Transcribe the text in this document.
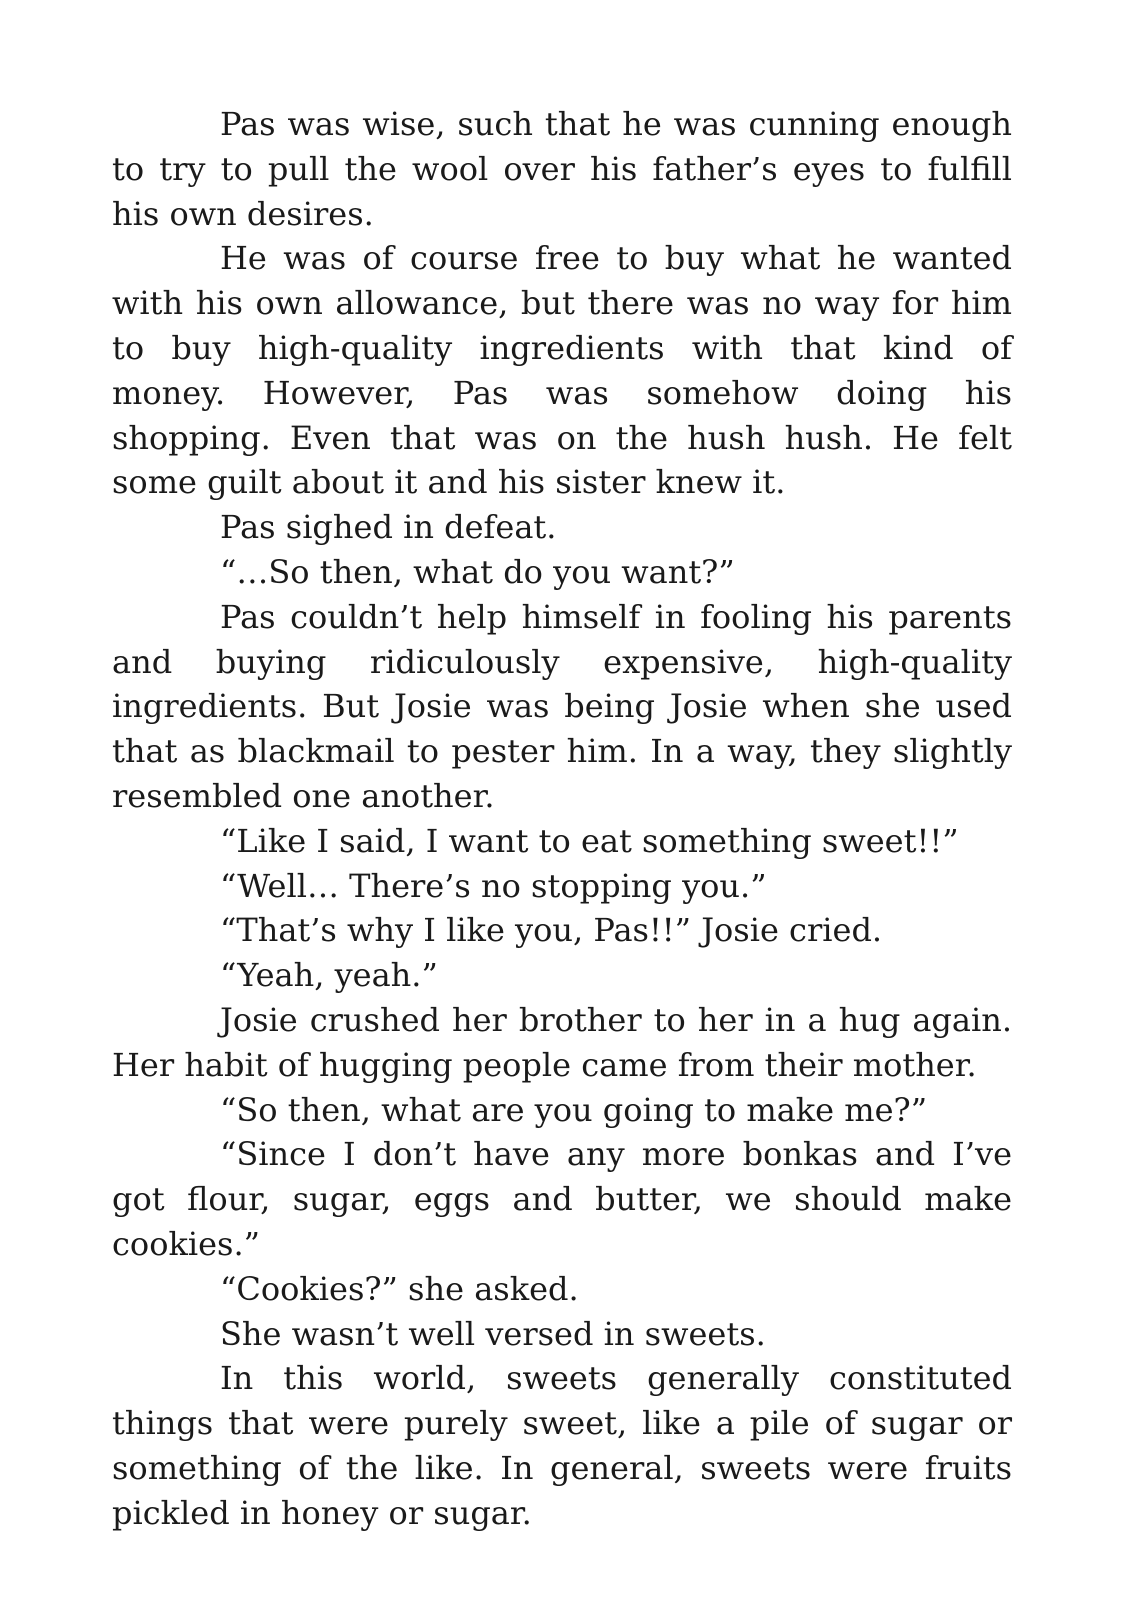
Pas was wise, such that he was cunning enough to try to pull the wool over his father’s eyes to fulfill his own desires.

He was of course free to buy what he wanted with his own allowance, but there was no way for him to buy high-quality ingredients with that kind of money. However, Pas was somehow doing his shopping. Even that was on the hush hush. He felt some guilt about it and his sister knew it.

Pas sighed in defeat.

“…So then, what do you want?”

Pas couldn’t help himself in fooling his parents and buying ridiculously expensive, high-quality ingredients. But Josie was being Josie when she used that as blackmail to pester him. In a way, they slightly resembled one another.

“Like I said, I want to eat something sweet!!”

“Well… There’s no stopping you.”

“That’s why I like you, Pas!!” Josie cried.

“Yeah, yeah.”

Josie crushed her brother to her in a hug again. Her habit of hugging people came from their mother.

“So then, what are you going to make me?”

“Since I don’t have any more bonkas and I’ve got flour, sugar, eggs and butter, we should make cookies.”

“Cookies?” she asked.

She wasn’t well versed in sweets.

In this world, sweets generally constituted things that were purely sweet, like a pile of sugar or something of the like. In general, sweets were fruits pickled in honey or sugar.
